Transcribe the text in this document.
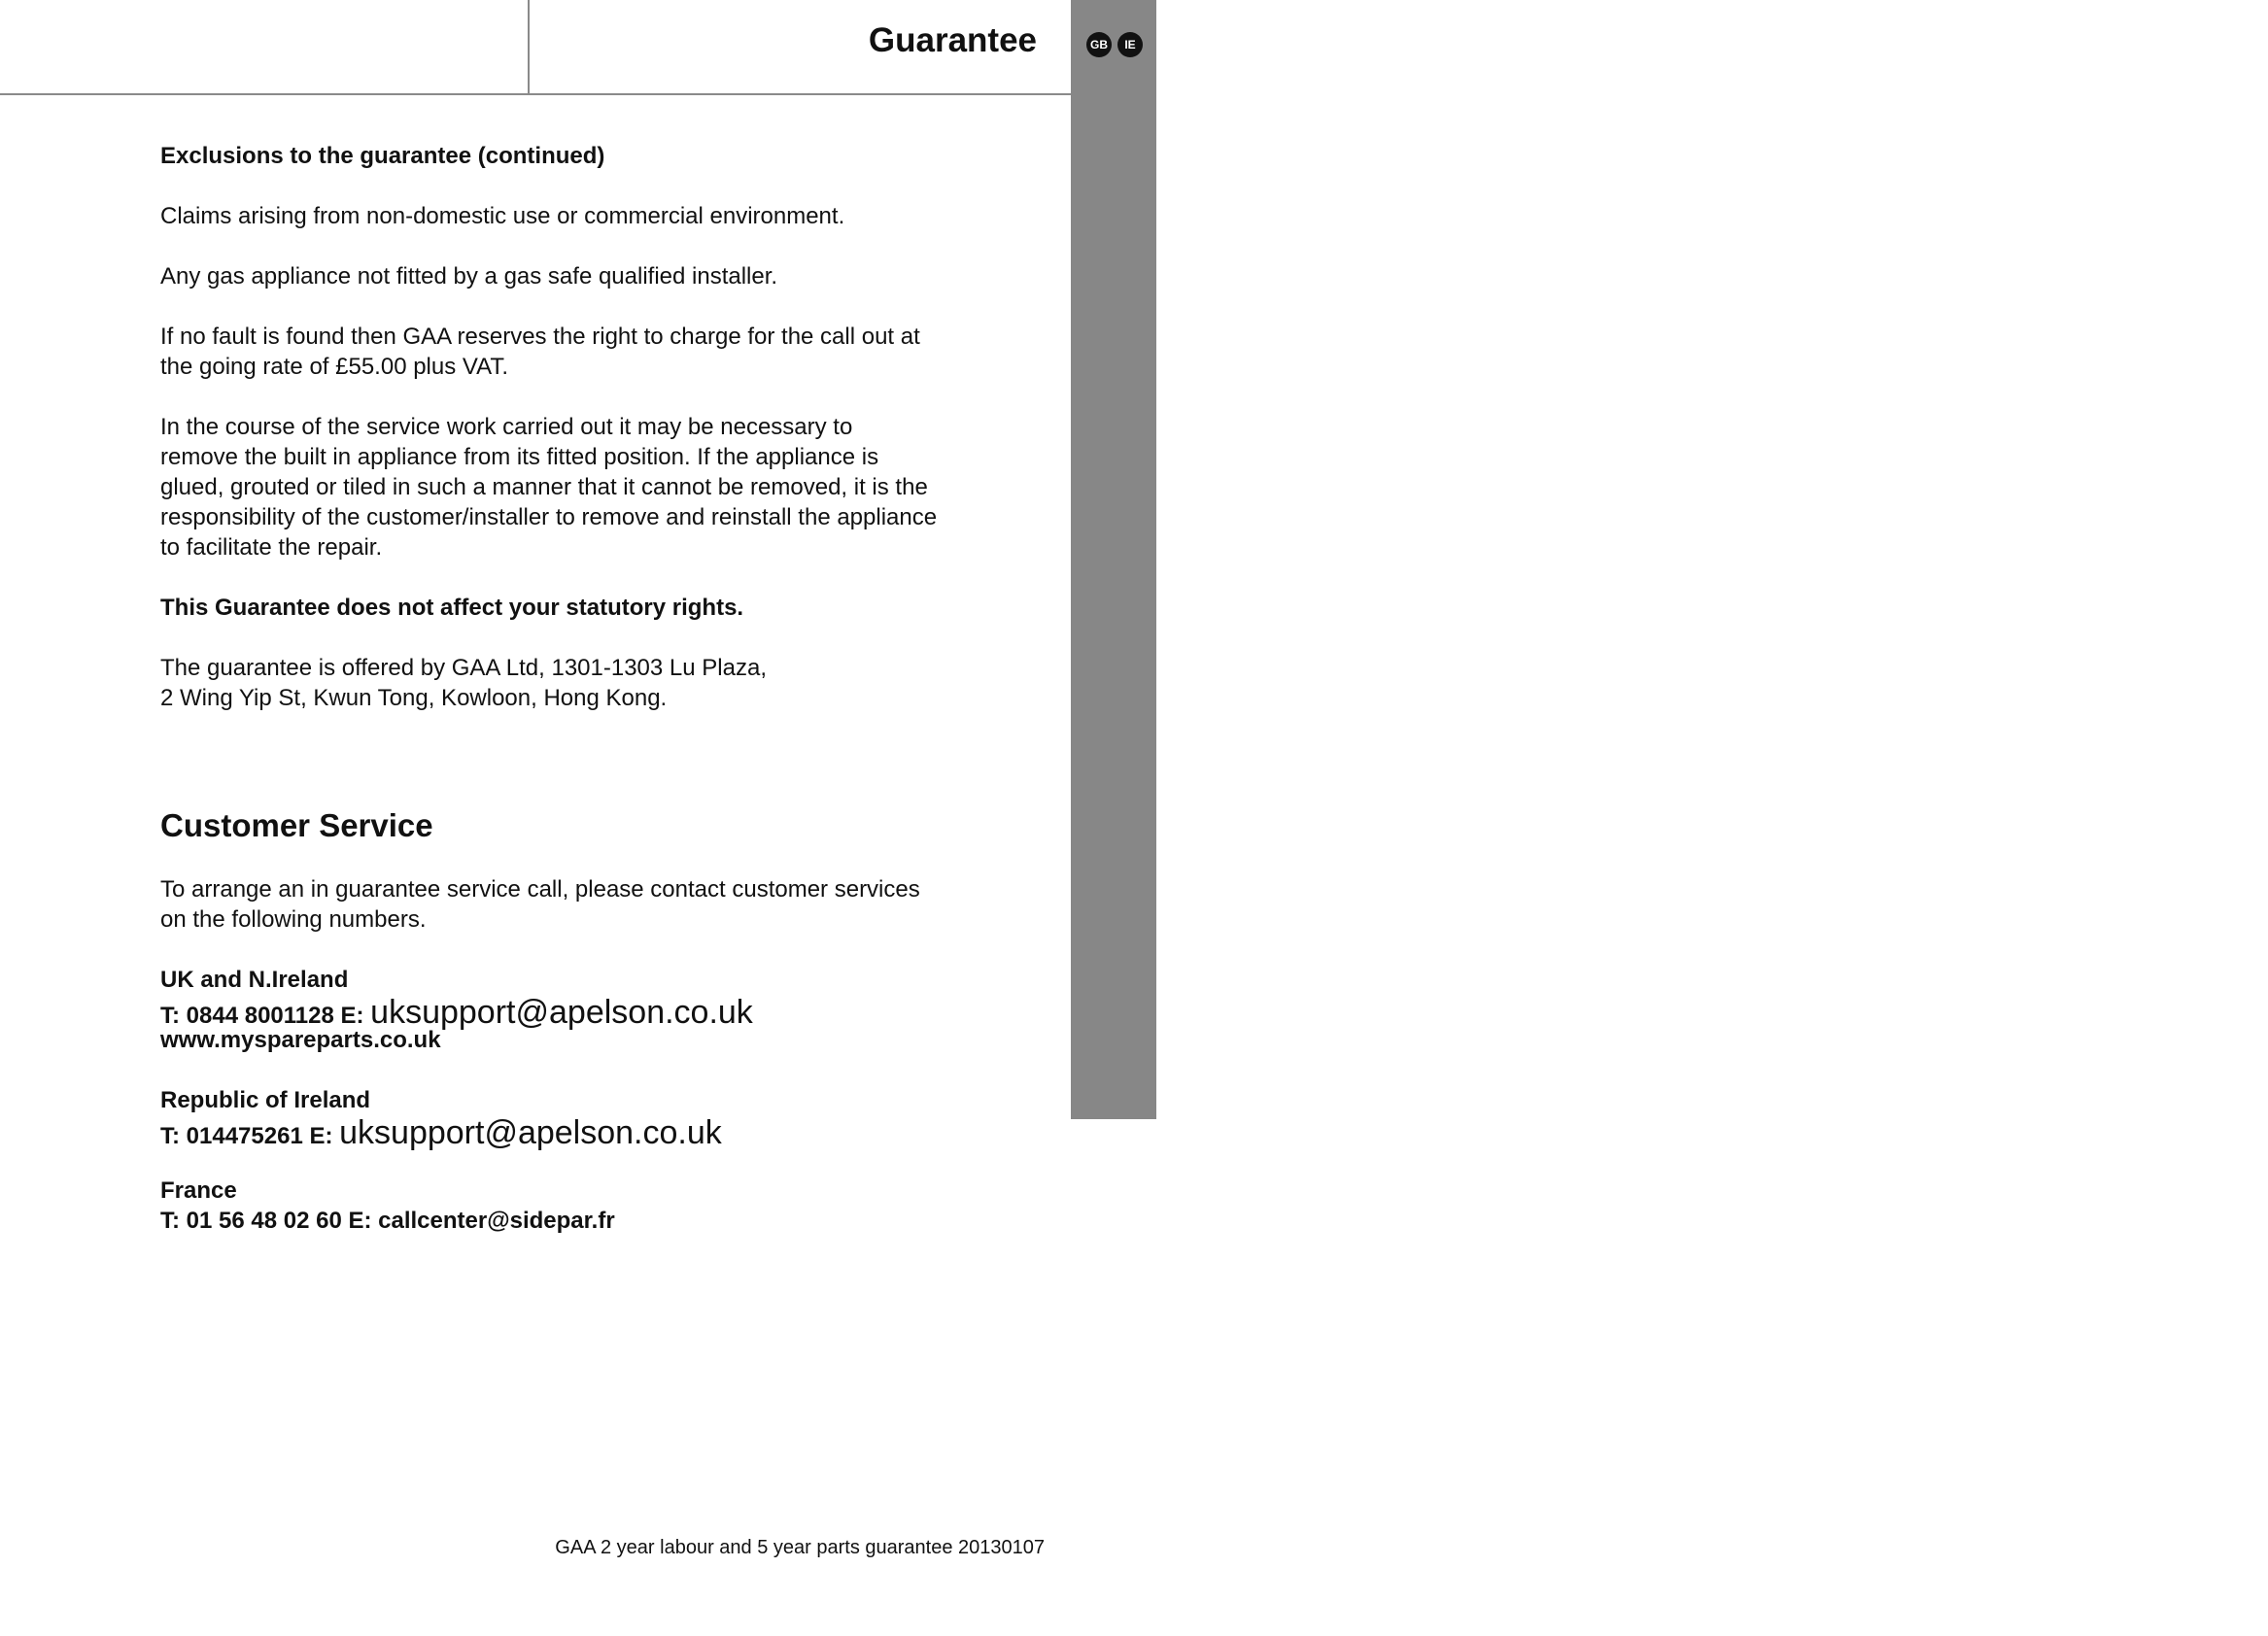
Guarantee
In more detail...
GB	IE

Exclusions to the guarantee (continued)

Claims arising from non-domestic use or commercial environment.

Any gas appliance not fitted by a gas safe qualified installer.

If no fault is found then GAA reserves the right to charge for the call out at

the going rate of £55.00 plus VAT.

In the course of the service work carried out it may be necessary to

remove the built in appliance from its fitted position. If the appliance is

glued, grouted or tiled in such a manner that it cannot be removed, it is the

responsibility of the customer/installer to remove and reinstall the appliance

to facilitate the repair.

This Guarantee does not affect your statutory rights.

The guarantee is offered by GAA Ltd, 1301-1303 Lu Plaza,

2 Wing Yip St, Kwun Tong, Kowloon, Hong Kong.

Customer Service

To arrange an in guarantee service call, please contact customer services

on the following numbers.

UK and N.Ireland

T: 0844 8001128 E: uksupport@apelson.co.uk

www.myspareparts.co.uk

Republic of Ireland

T: 014475261 E: uksupport@apelson.co.uk

France

T: 01 56 48 02 60 E: callcenter@sidepar.fr

GAA 2 year labour and 5 year parts guarantee 20130107
